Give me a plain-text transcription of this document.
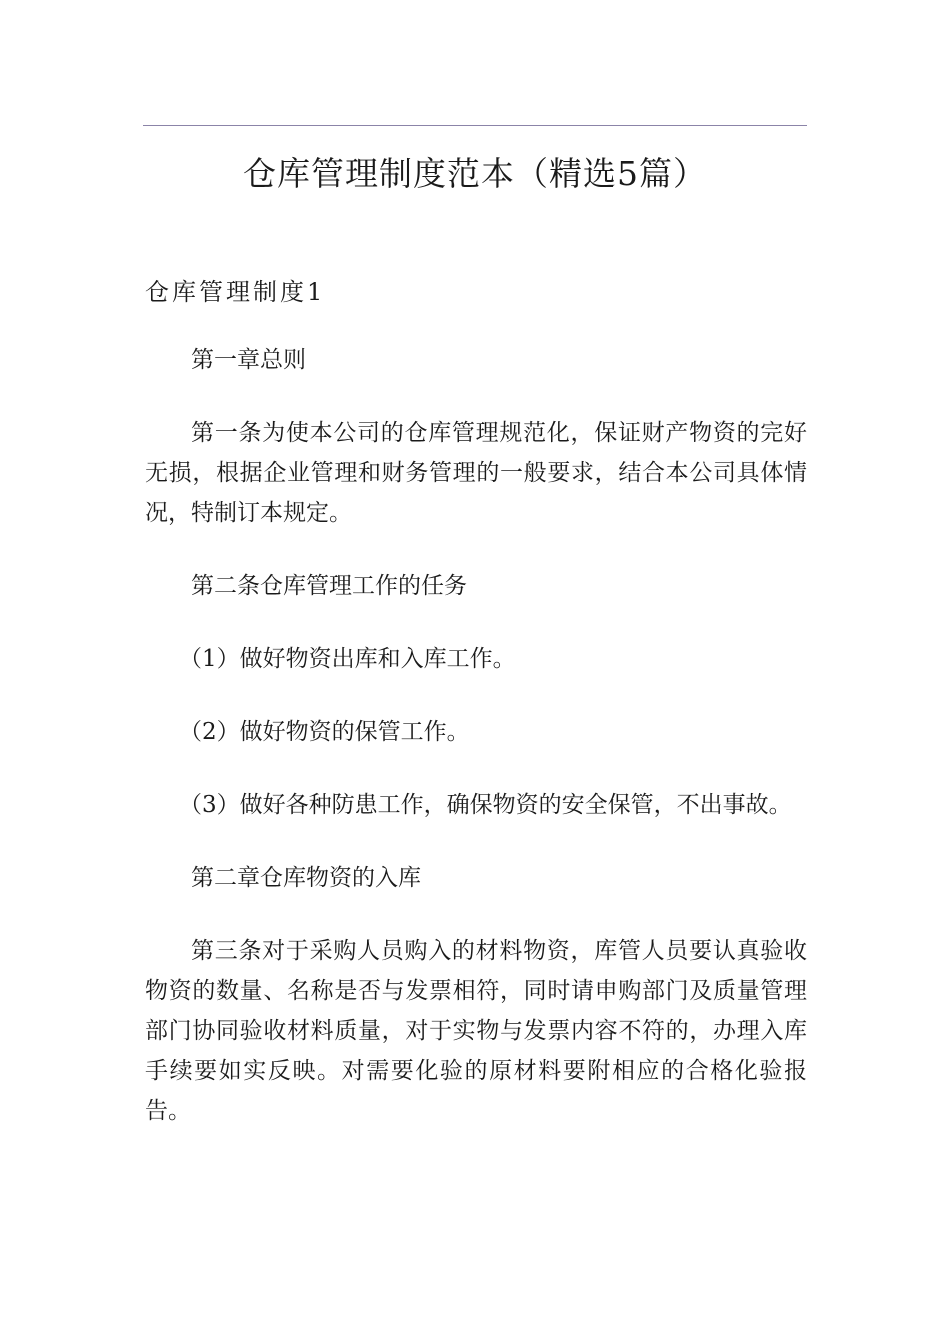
仓库管理制度范本（精选5篇）
仓库管理制度1

第一章总则

第一条为使本公司的仓库管理规范化，保证财产物资的完好无损，根据企业管理和财务管理的一般要求，结合本公司具体情况，特制订本规定。

第二条仓库管理工作的任务

（1）做好物资出库和入库工作。

（2）做好物资的保管工作。

（3）做好各种防患工作，确保物资的安全保管，不出事故。

第二章仓库物资的入库

第三条对于采购人员购入的材料物资，库管人员要认真验收物资的数量、名称是否与发票相符，同时请申购部门及质量管理部门协同验收材料质量，对于实物与发票内容不符的，办理入库手续要如实反映。对需要化验的原材料要附相应的合格化验报告。
